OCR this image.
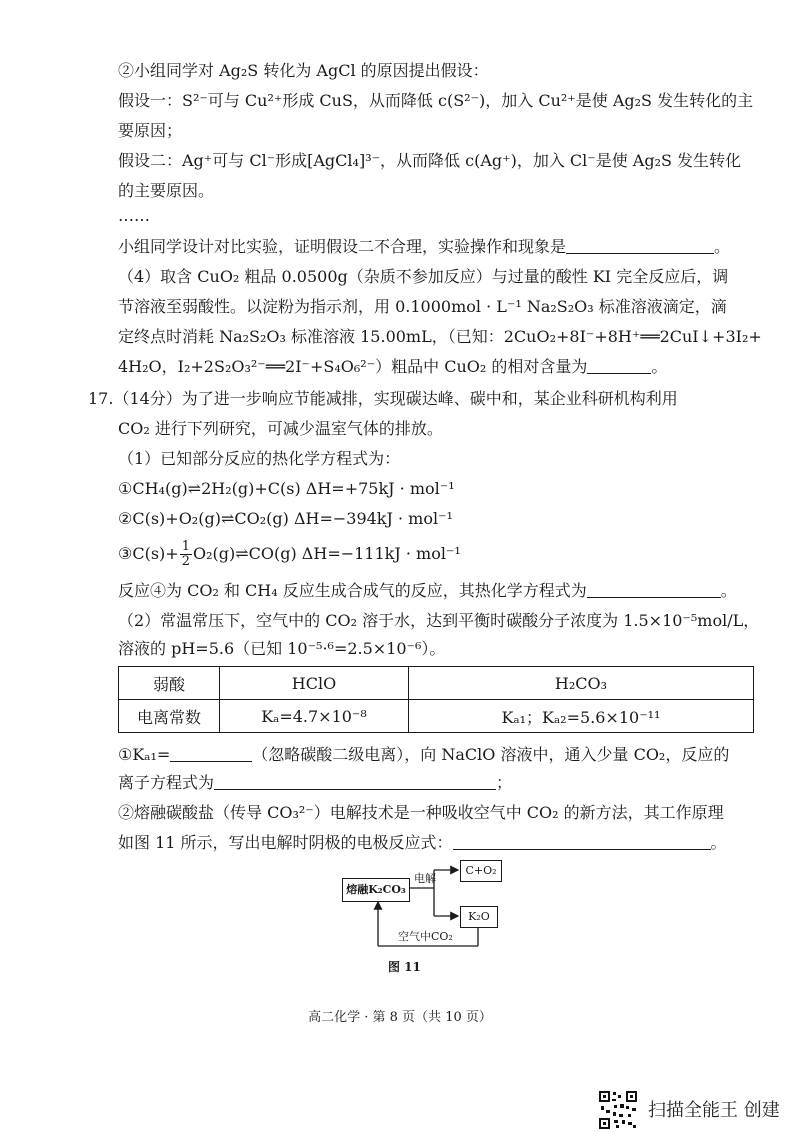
②小组同学对 Ag₂S 转化为 AgCl 的原因提出假设：
假设一：S²⁻可与 Cu²⁺形成 CuS，从而降低 c(S²⁻)，加入 Cu²⁺是使 Ag₂S 发生转化的主
要原因；
假设二：Ag⁺可与 Cl⁻形成[AgCl₄]³⁻，从而降低 c(Ag⁺)，加入 Cl⁻是使 Ag₂S 发生转化
的主要原因。
……
小组同学设计对比实验，证明假设二不合理，实验操作和现象是	。
（4）取含 CuO₂ 粗品 0.0500g（杂质不参加反应）与过量的酸性 KI 完全反应后，调
节溶液至弱酸性。以淀粉为指示剂，用 0.1000mol · L⁻¹ Na₂S₂O₃ 标准溶液滴定，滴
定终点时消耗 Na₂S₂O₃ 标准溶液 15.00mL，（已知：2CuO₂+8I⁻+8H⁺══2CuI↓+3I₂+
4H₂O，I₂+2S₂O₃²⁻══2I⁻+S₄O₆²⁻）粗品中 CuO₂ 的相对含量为	。
17.（14分）为了进一步响应节能减排，实现碳达峰、碳中和，某企业科研机构利用
CO₂ 进行下列研究，可减少温室气体的排放。
（1）已知部分反应的热化学方程式为：
①CH₄(g)⇌2H₂(g)+C(s) ΔH=+75kJ · mol⁻¹
②C(s)+O₂(g)⇌CO₂(g) ΔH=−394kJ · mol⁻¹
③C(s)+ $\frac{1}{2}$ O₂(g)⇌CO(g) ΔH=−111kJ · mol⁻¹
反应④为 CO₂ 和 CH₄ 反应生成合成气的反应，其热化学方程式为	。
（2）常温常压下，空气中的 CO₂ 溶于水，达到平衡时碳酸分子浓度为 1.5×10⁻⁵mol/L，
溶液的 pH=5.6（已知 10⁻⁵·⁶=2.5×10⁻⁶）。
弱酸	HClO	H₂CO₃
电离常数	Kₐ=4.7×10⁻⁸	Kₐ₁；Kₐ₂=5.6×10⁻¹¹
①Kₐ₁=	（忽略碳酸二级电离），向 NaClO 溶液中，通入少量 CO₂，反应的
离子方程式为	；
②熔融碳酸盐（传导 CO₃²⁻）电解技术是一种吸收空气中 CO₂ 的新方法，其工作原理
如图 11 所示，写出电解时阴极的电极反应式：	。
熔融K₂CO₃
电解
C+O₂
K₂O
空气中CO₂
图 11
高二化学 · 第 8 页（共 10 页）
扫描全能王 创建
